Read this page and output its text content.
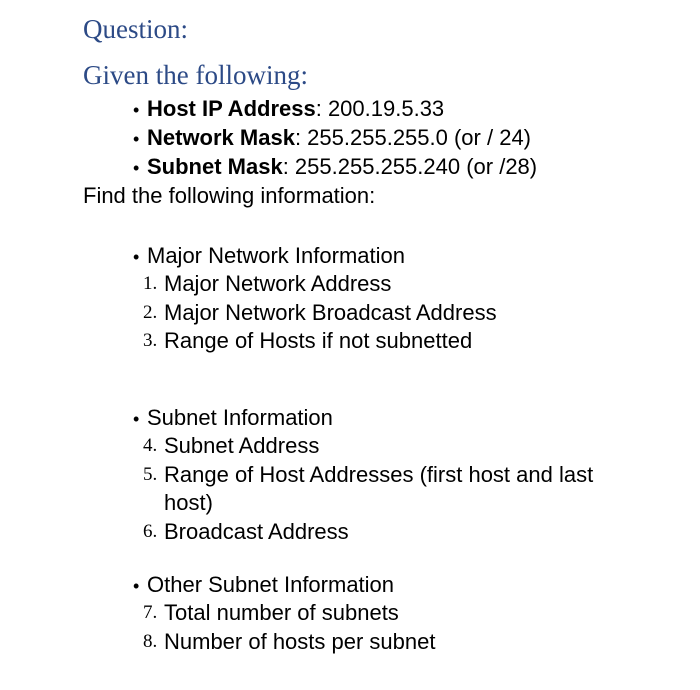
Question:
Given the following:
• Host IP Address: 200.19.5.33
• Network Mask: 255.255.255.0 (or / 24)
• Subnet Mask: 255.255.255.240 (or /28)
Find the following information:
• Major Network Information
1. Major Network Address
2. Major Network Broadcast Address
3. Range of Hosts if not subnetted
• Subnet Information
4. Subnet Address
5. Range of Host Addresses (first host and last host)
6. Broadcast Address
• Other Subnet Information
7. Total number of subnets
8. Number of hosts per subnet
